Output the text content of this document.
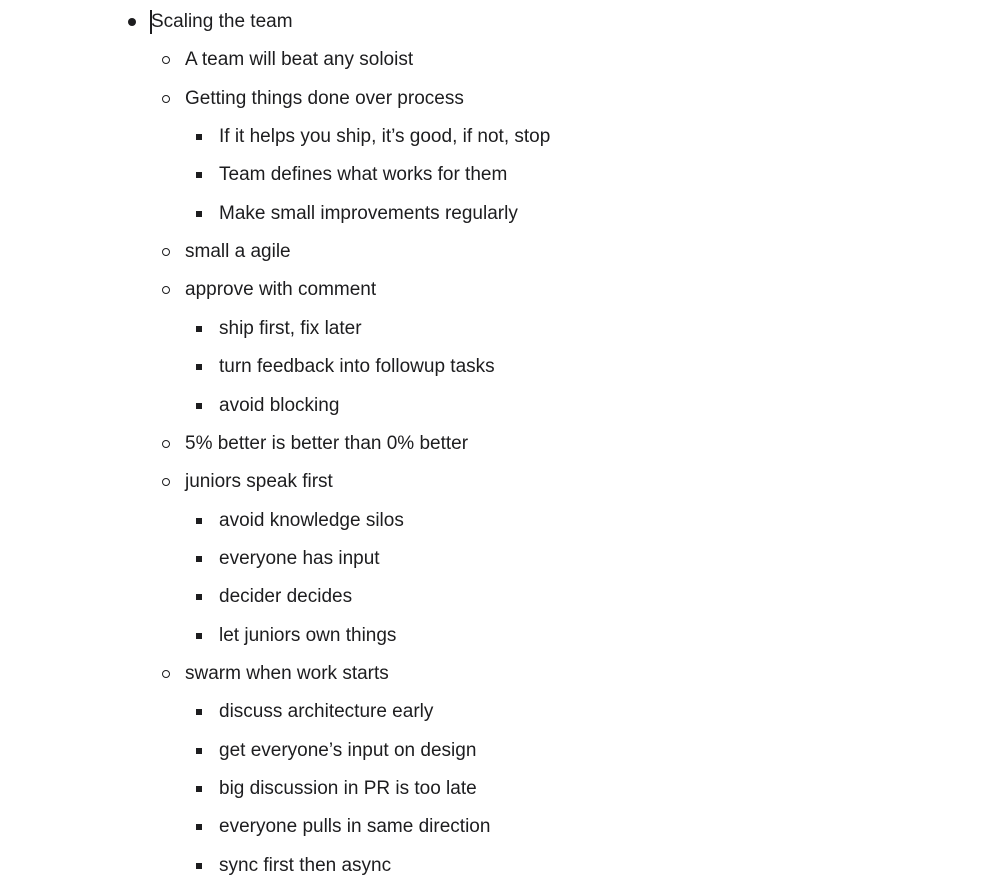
Scaling the team
A team will beat any soloist
Getting things done over process
If it helps you ship, it’s good, if not, stop
Team defines what works for them
Make small improvements regularly
small a agile
approve with comment
ship first, fix later
turn feedback into followup tasks
avoid blocking
5% better is better than 0% better
juniors speak first
avoid knowledge silos
everyone has input
decider decides
let juniors own things
swarm when work starts
discuss architecture early
get everyone’s input on design
big discussion in PR is too late
everyone pulls in same direction
sync first then async
